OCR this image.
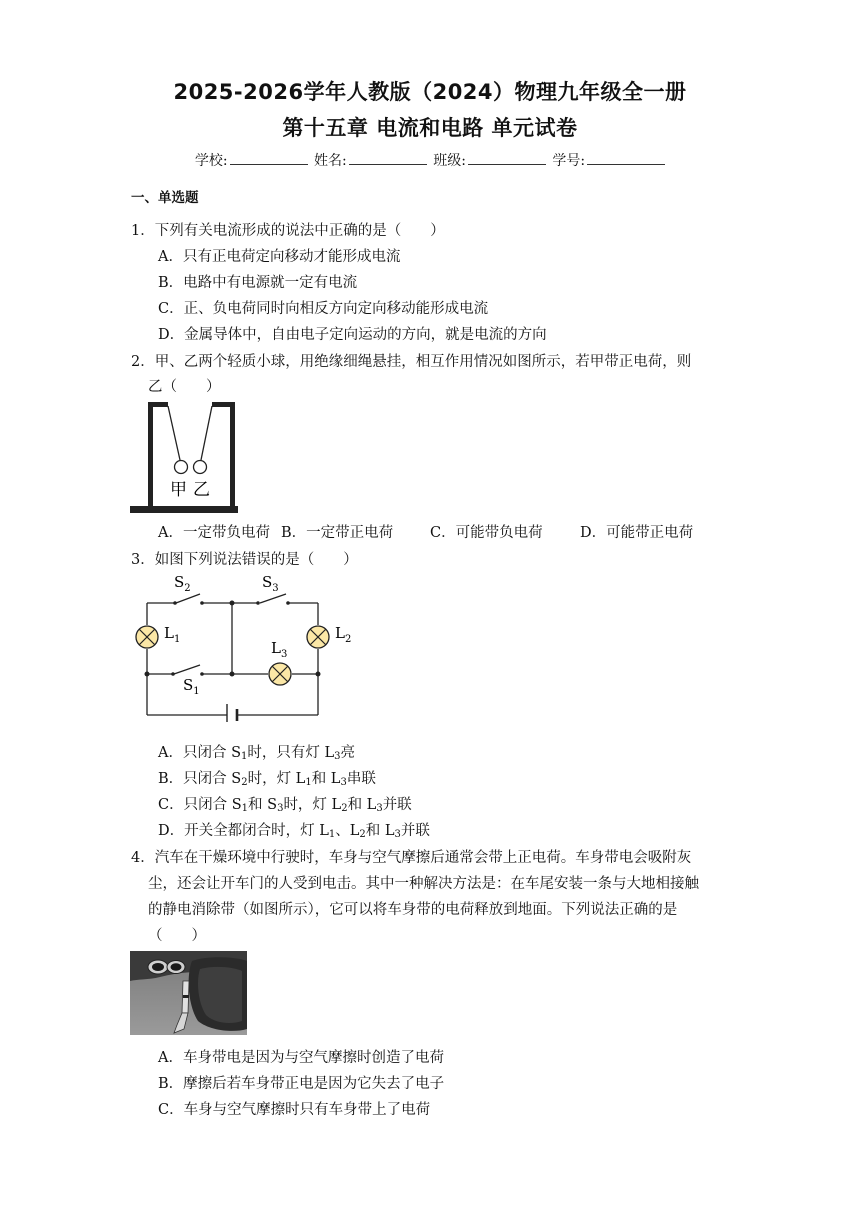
2025-2026学年人教版（2024）物理九年级全一册
第十五章 电流和电路 单元试卷
学校:	姓名:	班级:	学号:
一、单选题
1．下列有关电流形成的说法中正确的是（　　）
A．只有正电荷定向移动才能形成电流
B．电路中有电源就一定有电流
C．正、负电荷同时向相反方向定向移动能形成电流
D．金属导体中，自由电子定向运动的方向，就是电流的方向
2．甲、乙两个轻质小球，用绝缘细绳悬挂，相互作用情况如图所示，若甲带正电荷，则
乙（　　）
甲 乙
A．一定带负电荷 B．一定带正电荷	C．可能带负电荷	D．可能带正电荷
3．如图下列说法错误的是（　　）
$S_2$	$S_3$
$L_1$	$L_2$
$L_3$
$S_1$
A．只闭合 $S_1$时，只有灯 $L_3$亮
B．只闭合 $S_2$时，灯 $L_1$和 $L_3$串联
C．只闭合 $S_1$和 $S_3$时，灯 $L_2$和 $L_3$并联
D．开关全都闭合时，灯 $L_1$、$L_2$和 $L_3$并联
4．汽车在干燥环境中行驶时，车身与空气摩擦后通常会带上正电荷。车身带电会吸附灰
尘，还会让开车门的人受到电击。其中一种解决方法是：在车尾安装一条与大地相接触
的静电消除带（如图所示），它可以将车身带的电荷释放到地面。下列说法正确的是
（　　）
A．车身带电是因为与空气摩擦时创造了电荷
B．摩擦后若车身带正电是因为它失去了电子
C．车身与空气摩擦时只有车身带上了电荷
